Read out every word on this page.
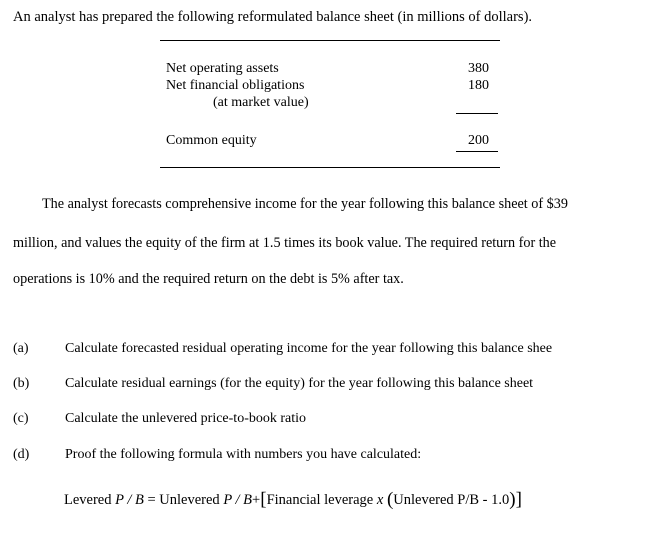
An analyst has prepared the following reformulated balance sheet (in millions of dollars).
Net operating assets	380
Net financial obligations	180
(at market value)
Common equity	200
The analyst forecasts comprehensive income for the year following this balance sheet of $39
million, and values the equity of the firm at 1.5 times its book value. The required return for the
operations is 10% and the required return on the debt is 5% after tax.
(a)	Calculate forecasted residual operating income for the year following this balance shee
(b)	Calculate residual earnings (for the equity) for the year following this balance sheet
(c)	Calculate the unlevered price-to-book ratio
(d)	Proof the following formula with numbers you have calculated:
Levered P / B = Unlevered P / B+[Financial leverage x (Unlevered P/B - 1.0)]
